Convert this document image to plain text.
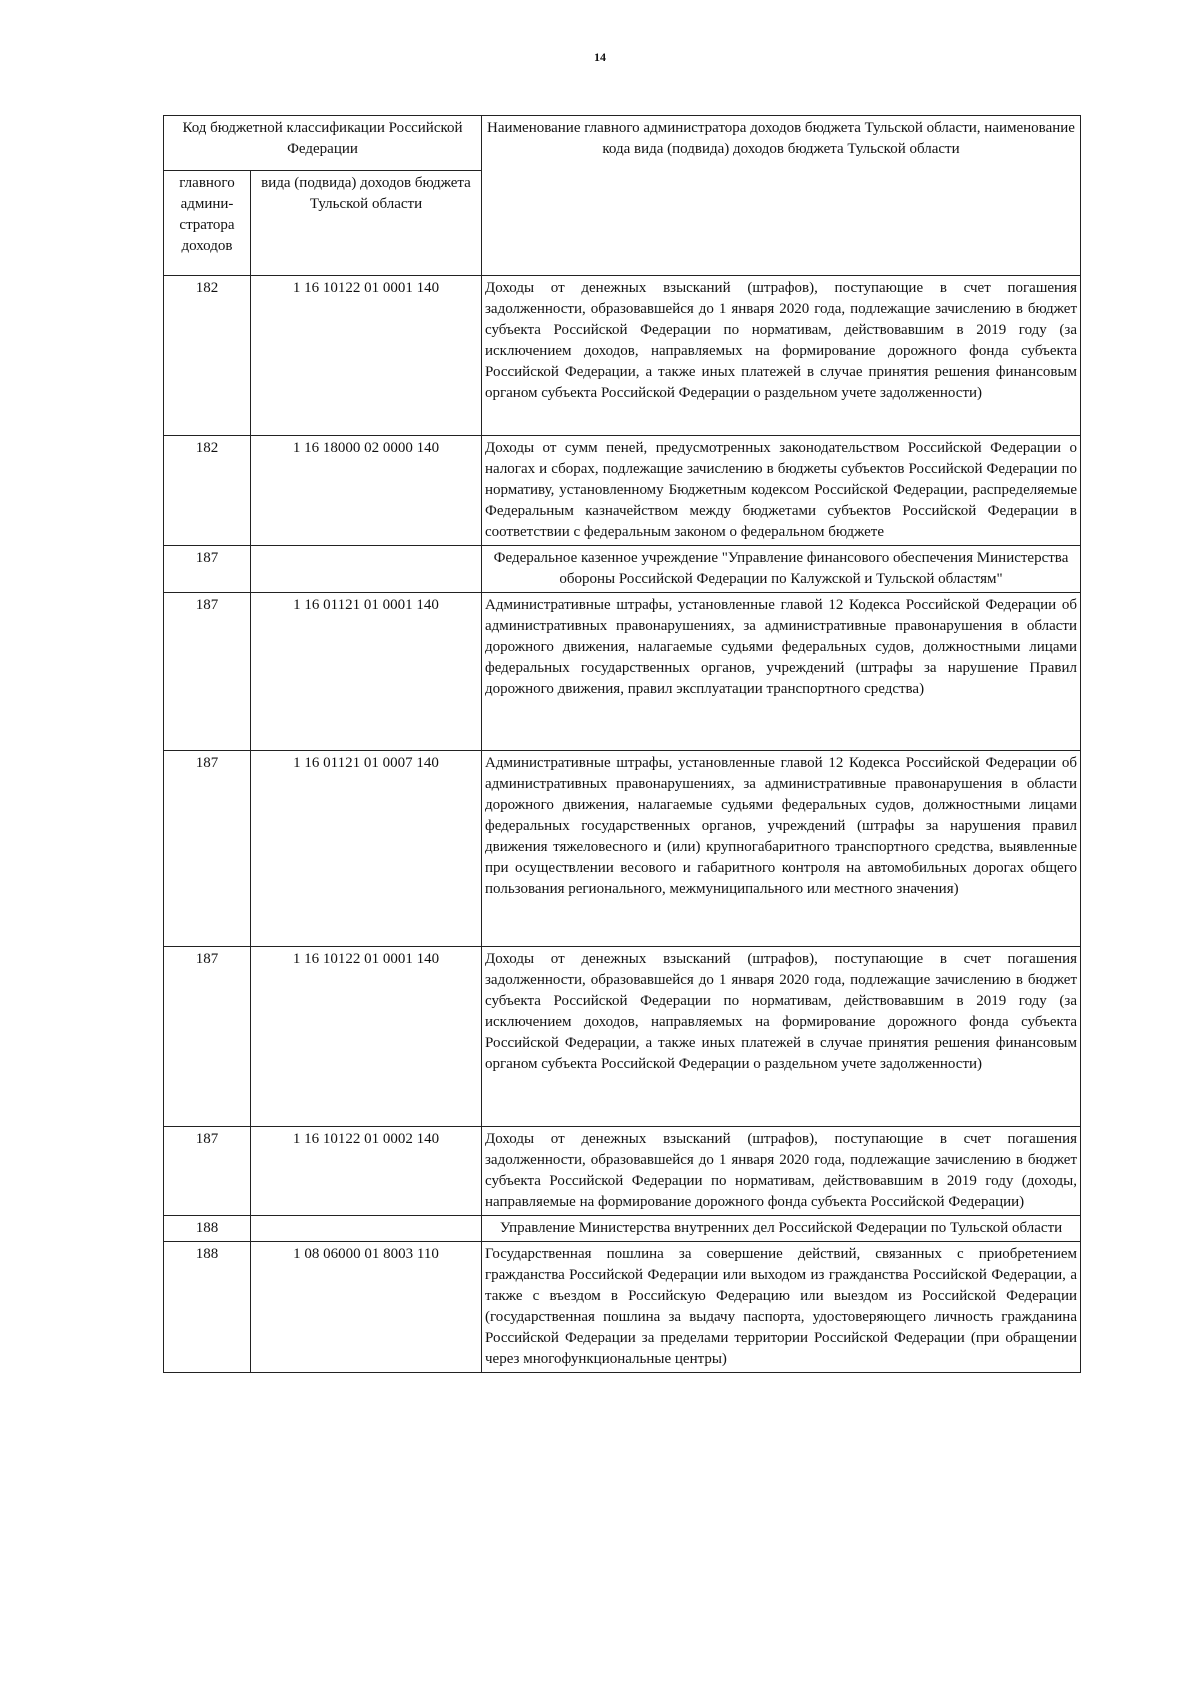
14
Код бюджетной классификации Российской Федерации		Наименование главного администратора доходов бюджета Тульской области, наименование кода вида (подвида) доходов бюджета Тульской области
главного админи-стратора доходов	вида (подвида) доходов бюджета Тульской области	
182	1 16 10122 01 0001 140	Доходы от денежных взысканий (штрафов), поступающие в счет погашения задолженности, образовавшейся до 1 января 2020 года, подлежащие зачислению в бюджет субъекта Российской Федерации по нормативам, действовавшим в 2019 году (за исключением доходов, направляемых на формирование дорожного фонда субъекта Российской Федерации, а также иных платежей в случае принятия решения финансовым органом субъекта Российской Федерации о раздельном учете задолженности)
182	1 16 18000 02 0000 140	Доходы от сумм пеней, предусмотренных законодательством Российской Федерации о налогах и сборах, подлежащие зачислению в бюджеты субъектов Российской Федерации по нормативу, установленному Бюджетным кодексом Российской Федерации, распределяемые Федеральным казначейством между бюджетами субъектов Российской Федерации в соответствии с федеральным законом о федеральном бюджете
187		Федеральное казенное учреждение "Управление финансового обеспечения Министерства обороны Российской Федерации по Калужской и Тульской областям"
187	1 16 01121 01 0001 140	Административные штрафы, установленные главой 12 Кодекса Российской Федерации об административных правонарушениях, за административные правонарушения в области дорожного движения, налагаемые судьями федеральных судов, должностными лицами федеральных государственных органов, учреждений (штрафы за нарушение Правил дорожного движения, правил эксплуатации транспортного средства)
187	1 16 01121 01 0007 140	Административные штрафы, установленные главой 12 Кодекса Российской Федерации об административных правонарушениях, за административные правонарушения в области дорожного движения, налагаемые судьями федеральных судов, должностными лицами федеральных государственных органов, учреждений (штрафы за нарушения правил движения тяжеловесного и (или) крупногабаритного транспортного средства, выявленные при осуществлении весового и габаритного контроля на автомобильных дорогах общего пользования регионального, межмуниципального или местного значения)
187	1 16 10122 01 0001 140	Доходы от денежных взысканий (штрафов), поступающие в счет погашения задолженности, образовавшейся до 1 января 2020 года, подлежащие зачислению в бюджет субъекта Российской Федерации по нормативам, действовавшим в 2019 году (за исключением доходов, направляемых на формирование дорожного фонда субъекта Российской Федерации, а также иных платежей в случае принятия решения финансовым органом субъекта Российской Федерации о раздельном учете задолженности)
187	1 16 10122 01 0002 140	Доходы от денежных взысканий (штрафов), поступающие в счет погашения задолженности, образовавшейся до 1 января 2020 года, подлежащие зачислению в бюджет субъекта Российской Федерации по нормативам, действовавшим в 2019 году (доходы, направляемые на формирование дорожного фонда субъекта Российской Федерации)
188		Управление Министерства внутренних дел Российской Федерации по Тульской области
188	1 08 06000 01 8003 110	Государственная пошлина за совершение действий, связанных с приобретением гражданства Российской Федерации или выходом из гражданства Российской Федерации, а также с въездом в Российскую Федерацию или выездом из Российской Федерации (государственная пошлина за выдачу паспорта, удостоверяющего личность гражданина Российской Федерации за пределами территории Российской Федерации (при обращении через многофункциональные центры)
